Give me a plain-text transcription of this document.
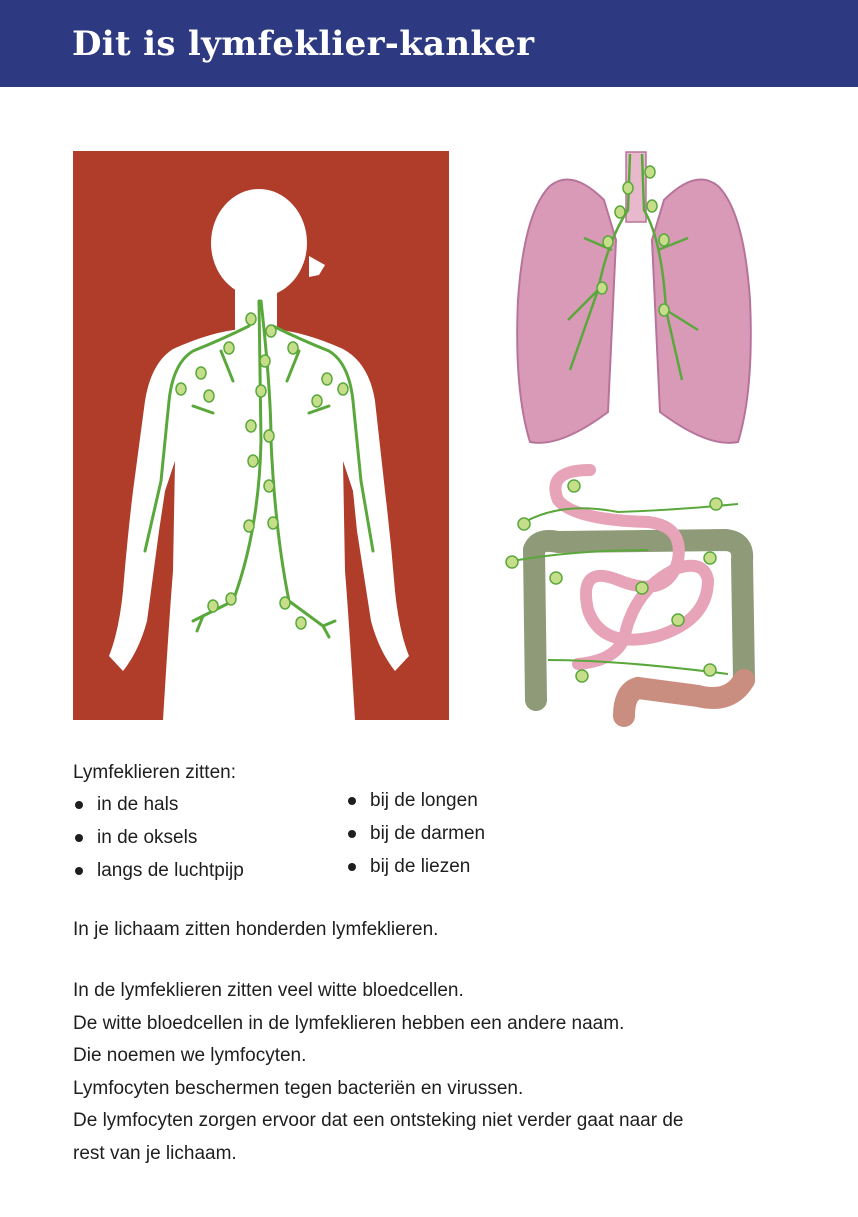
Dit is lymfeklier-kanker
Lymfeklieren zitten:
in de hals
in de oksels
langs de luchtpijp
bij de longen
bij de darmen
bij de liezen
In je lichaam zitten honderden lymfeklieren.

In de lymfeklieren zitten veel witte bloedcellen.

De witte bloedcellen in de lymfeklieren hebben een andere naam.

Die noemen we lymfocyten.

Lymfocyten beschermen tegen bacteriën en virussen.

De lymfocyten zorgen ervoor dat een ontsteking niet verder gaat naar de

rest van je lichaam.
